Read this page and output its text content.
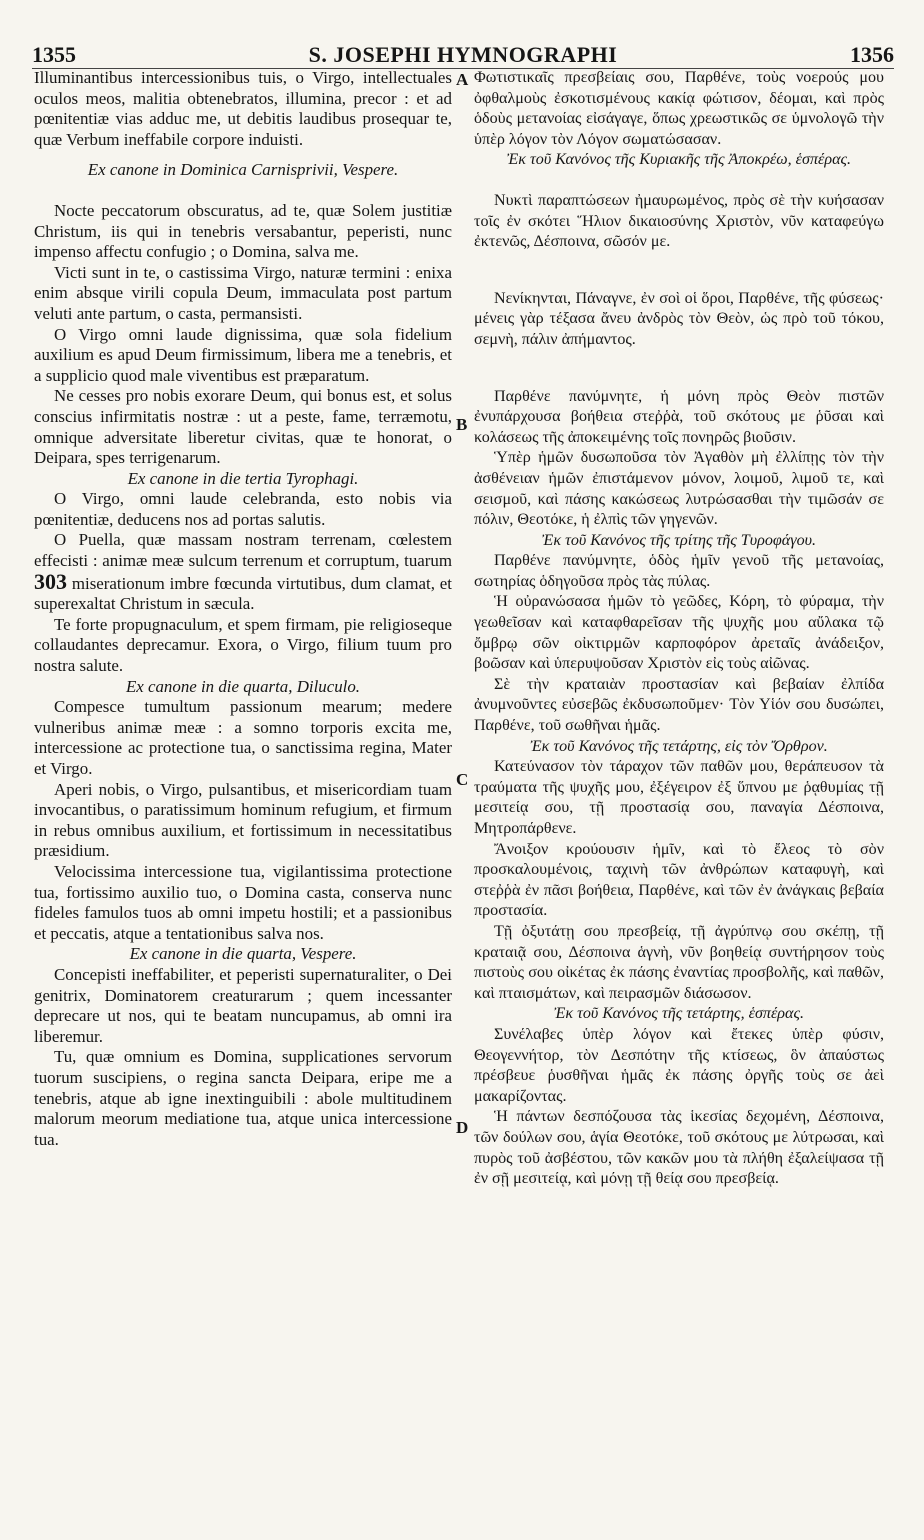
1355	S. JOSEPHI HYMNOGRAPHI	1356
Illuminantibus intercessionibus tuis, o Virgo, intellectuales oculos meos, malitia obtenebratos, illumina, precor : et ad pœnitentiæ vias adduc me, ut debitis laudibus prosequar te, quæ Verbum ineffabile corpore induisti.
Ex canone in Dominica Carnisprivii, Vespere.
Nocte peccatorum obscuratus, ad te, quæ Solem justitiæ Christum, iis qui in tenebris versabantur, peperisti, nunc impenso affectu confugio ; o Domina, salva me.
Victi sunt in te, o castissima Virgo, naturæ termini : enixa enim absque virili copula Deum, immaculata post partum veluti ante partum, o casta, permansisti.
O Virgo omni laude dignissima, quæ sola fidelium auxilium es apud Deum firmissimum, libera me a tenebris, et a supplicio quod male viventibus est præparatum.
Ne cesses pro nobis exorare Deum, qui bonus est, et solus conscius infirmitatis nostræ : ut a peste, fame, terræmotu, omnique adversitate liberetur civitas, quæ te honorat, o Deipara, spes terrigenarum.
Ex canone in die tertia Tyrophagi.
O Virgo, omni laude celebranda, esto nobis via pœnitentiæ, deducens nos ad portas salutis.
O Puella, quæ massam nostram terrenam, cœlestem effecisti : animæ meæ sulcum terrenum et corruptum, tuarum 303 miserationum imbre fœcunda virtutibus, dum clamat, et superexaltat Christum in sæcula.
Te forte propugnaculum, et spem firmam, pie religioseque collaudantes deprecamur. Exora, o Virgo, filium tuum pro nostra salute.
Ex canone in die quarta, Diluculo.
Compesce tumultum passionum mearum; medere vulneribus animæ meæ : a somno torporis excita me, intercessione ac protectione tua, o sanctissima regina, Mater et Virgo.
Aperi nobis, o Virgo, pulsantibus, et misericordiam tuam invocantibus, o paratissimum hominum refugium, et firmum in rebus omnibus auxilium, et fortissimum in necessitatibus præsidium.
Velocissima intercessione tua, vigilantissima protectione tua, fortissimo auxilio tuo, o Domina casta, conserva nunc fideles famulos tuos ab omni impetu hostili; et a passionibus et peccatis, atque a tentationibus salva nos.
Ex canone in die quarta, Vespere.
Concepisti ineffabiliter, et peperisti supernaturaliter, o Dei genitrix, Dominatorem creaturarum ; quem incessanter deprecare ut nos, qui te beatam nuncupamus, ab omni ira liberemur.
Tu, quæ omnium es Domina, supplicationes servorum tuorum suscipiens, o regina sancta Deipara, eripe me a tenebris, atque ab igne inextinguibili : abole multitudinem malorum meorum mediatione tua, atque unica intercessione tua.
Φωτιστικαῖς πρεσβείαις σου, Παρθένε, τοὺς νοερούς μου ὀφθαλμοὺς ἐσκοτισμένους κακίᾳ φώτισον, δέομαι, καὶ πρὸς ὁδοὺς μετανοίας εἰσάγαγε, ὅπως χρεωστικῶς σε ὑμνολογῶ τὴν ὑπὲρ λόγον τὸν Λόγον σωματώσασαν.
Ἐκ τοῦ Κανόνος τῆς Κυριακῆς τῆς Ἀποκρέω, ἑσπέρας.
Νυκτὶ παραπτώσεων ἠμαυρωμένος, πρὸς σὲ τὴν κυήσασαν τοῖς ἐν σκότει Ἥλιον δικαιοσύνης Χριστὸν, νῦν καταφεύγω ἐκτενῶς, Δέσποινα, σῶσόν με.
Νενίκηνται, Πάναγνε, ἐν σοὶ οἱ ὅροι, Παρθένε, τῆς φύσεως· μένεις γὰρ τέξασα ἄνευ ἀνδρὸς τὸν Θεὸν, ὡς πρὸ τοῦ τόκου, σεμνὴ, πάλιν ἀπήμαντος.
Παρθένε πανύμνητε, ἡ μόνη πρὸς Θεὸν πιστῶν ἐνυπάρχουσα βοήθεια στεῤῥὰ, τοῦ σκότους με ῥῦσαι καὶ κολάσεως τῆς ἀποκειμένης τοῖς πονηρῶς βιοῦσιν.
Ὑπὲρ ἡμῶν δυσωποῦσα τὸν Ἀγαθὸν μὴ ἐλλίπῃς τὸν τὴν ἀσθένειαν ἡμῶν ἐπιστάμενον μόνον, λοιμοῦ, λιμοῦ τε, καὶ σεισμοῦ, καὶ πάσης κακώσεως λυτρώσασθαι τὴν τιμῶσάν σε πόλιν, Θεοτόκε, ἡ ἐλπὶς τῶν γηγενῶν.
Ἐκ τοῦ Κανόνος τῆς τρίτης τῆς Τυροφάγου.
Παρθένε πανύμνητε, ὁδὸς ἡμῖν γενοῦ τῆς μετανοίας, σωτηρίας ὁδηγοῦσα πρὸς τὰς πύλας.
Ἡ οὐρανώσασα ἡμῶν τὸ γεῶδες, Κόρη, τὸ φύραμα, τὴν γεωθεῖσαν καὶ καταφθαρεῖσαν τῆς ψυχῆς μου αὔλακα τῷ ὄμβρῳ σῶν οἰκτιρμῶν καρποφόρον ἀρεταῖς ἀνάδειξον, βοῶσαν καὶ ὑπερυψοῦσαν Χριστὸν εἰς τοὺς αἰῶνας.
Σὲ τὴν κραταιὰν προστασίαν καὶ βεβαίαν ἐλπίδα ἀνυμνοῦντες εὐσεβῶς ἐκδυσωποῦμεν· Τὸν Υἱόν σου δυσώπει, Παρθένε, τοῦ σωθῆναι ἡμᾶς.
Ἐκ τοῦ Κανόνος τῆς τετάρτης, εἰς τὸν Ὄρθρον.
Κατεύνασον τὸν τάραχον τῶν παθῶν μου, θεράπευσον τὰ τραύματα τῆς ψυχῆς μου, ἐξέγειρον ἐξ ὕπνου με ῥᾳθυμίας τῇ μεσιτείᾳ σου, τῇ προστασίᾳ σου, παναγία Δέσποινα, Μητροπάρθενε.
Ἄνοιξον κρούουσιν ἡμῖν, καὶ τὸ ἔλεος τὸ σὸν προσκαλουμένοις, ταχινὴ τῶν ἀνθρώπων καταφυγὴ, καὶ στεῤῥὰ ἐν πᾶσι βοήθεια, Παρθένε, καὶ τῶν ἐν ἀνάγκαις βεβαία προστασία.
Τῇ ὀξυτάτῃ σου πρεσβείᾳ, τῇ ἀγρύπνῳ σου σκέπῃ, τῇ κραταιᾷ σου, Δέσποινα ἁγνὴ, νῦν βοηθείᾳ συντήρησον τοὺς πιστοὺς σου οἰκέτας ἐκ πάσης ἐναντίας προσβολῆς, καὶ παθῶν, καὶ πταισμάτων, καὶ πειρασμῶν διάσωσον.
Ἐκ τοῦ Κανόνος τῆς τετάρτης, ἑσπέρας.
Συνέλαβες ὑπὲρ λόγον καὶ ἔτεκες ὑπὲρ φύσιν, Θεογεννήτορ, τὸν Δεσπότην τῆς κτίσεως, ὃν ἀπαύστως πρέσβευε ῥυσθῆναι ἡμᾶς ἐκ πάσης ὀργῆς τοὺς σε ἀεὶ μακαρίζοντας.
Ἡ πάντων δεσπόζουσα τὰς ἱκεσίας δεχομένη, Δέσποινα, τῶν δούλων σου, ἁγία Θεοτόκε, τοῦ σκότους με λύτρωσαι, καὶ πυρὸς τοῦ ἀσβέστου, τῶν κακῶν μου τὰ πλήθη ἐξαλείψασα τῇ ἐν σῇ μεσιτείᾳ, καὶ μόνῃ τῇ θείᾳ σου πρεσβείᾳ.
A
B
C
D
